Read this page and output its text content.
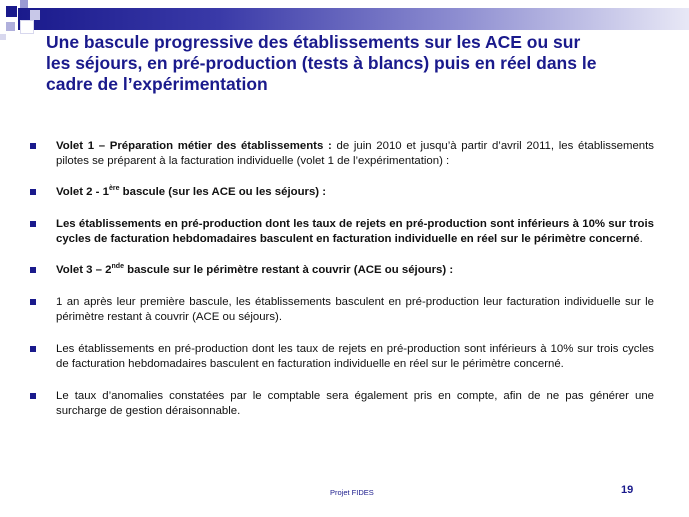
Une bascule progressive des établissements sur les ACE ou sur
les séjours, en pré-production (tests à blancs) puis en réel dans le
cadre de l’expérimentation
Volet 1 – Préparation métier des établissements : de juin 2010 et jusqu’à partir d’avril 2011, les établissements pilotes se préparent à la facturation individuelle (volet 1 de l’expérimentation) :
Volet 2 - 1ère bascule (sur les ACE ou les séjours) :
Les établissements en pré-production dont les taux de rejets en pré-production sont inférieurs à 10% sur trois cycles de facturation hebdomadaires basculent en facturation individuelle en réel sur le périmètre concerné.
Volet 3 – 2nde bascule sur le périmètre restant à couvrir (ACE ou séjours) :
1 an après leur première bascule, les établissements basculent en pré-production leur facturation individuelle sur le périmètre restant à couvrir (ACE ou séjours).
Les établissements en pré-production dont les taux de rejets en pré-production sont inférieurs à 10% sur trois cycles de facturation hebdomadaires basculent en facturation individuelle en réel sur le périmètre concerné.
Le taux d’anomalies constatées par le comptable sera également pris en compte, afin de ne pas générer une surcharge de gestion déraisonnable.
Projet FIDES	19
